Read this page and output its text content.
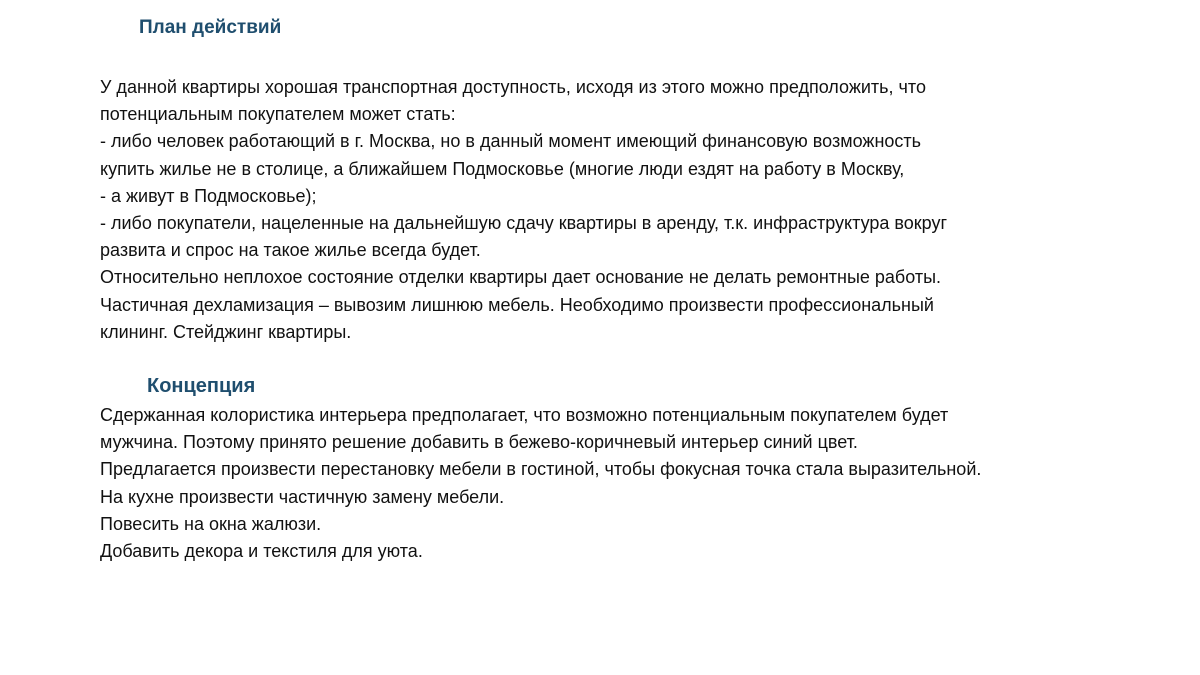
План действий
У данной квартиры хорошая транспортная доступность, исходя из этого можно предположить, что
потенциальным покупателем может стать:
- либо человек работающий в г. Москва, но в данный момент имеющий финансовую возможность
купить жилье не в столице, а ближайшем Подмосковье (многие люди ездят на работу в Москву,
- а живут в Подмосковье);
- либо покупатели, нацеленные на дальнейшую сдачу квартиры в аренду, т.к. инфраструктура вокруг
развита и спрос на такое жилье всегда будет.
Относительно неплохое состояние отделки квартиры дает основание не делать ремонтные работы.
Частичная дехламизация – вывозим лишнюю мебель. Необходимо произвести профессиональный
клининг. Стейджинг квартиры.
Концепция
Сдержанная колористика интерьера предполагает, что возможно потенциальным покупателем будет
мужчина. Поэтому принято решение добавить в бежево-коричневый интерьер синий цвет.
Предлагается произвести перестановку мебели в гостиной, чтобы фокусная точка стала выразительной.
На кухне произвести частичную замену мебели.
Повесить на окна жалюзи.
Добавить декора и текстиля для уюта.
